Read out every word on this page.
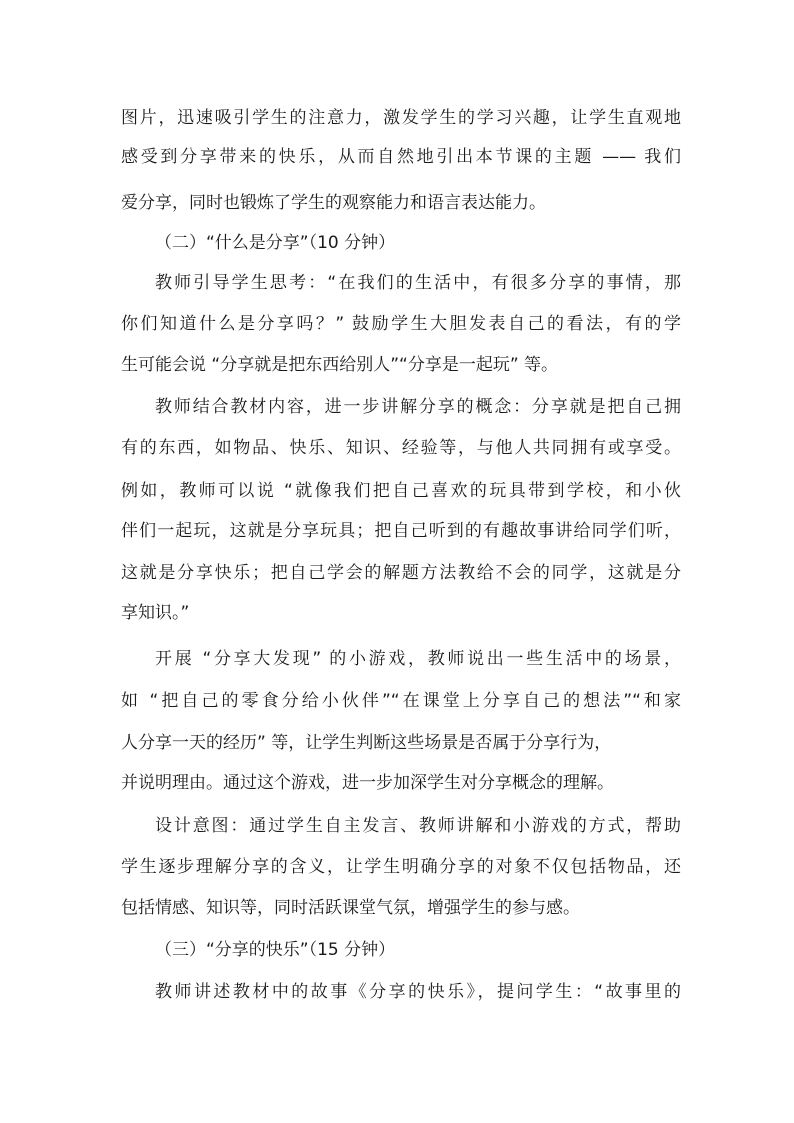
图片，迅速吸引学生的注意力，激发学生的学习兴趣，让学生直观地
感受到分享带来的快乐，从而自然地引出本节课的主题 —— 我们
爱分享，同时也锻炼了学生的观察能力和语言表达能力。
（二）“什么是分享”（10 分钟）
教师引导学生思考：“在我们的生活中，有很多分享的事情，那
你们知道什么是分享吗？” 鼓励学生大胆发表自己的看法，有的学
生可能会说 “分享就是把东西给别人”“分享是一起玩” 等。
教师结合教材内容，进一步讲解分享的概念：分享就是把自己拥
有的东西，如物品、快乐、知识、经验等，与他人共同拥有或享受。
例如，教师可以说 “就像我们把自己喜欢的玩具带到学校，和小伙
伴们一起玩，这就是分享玩具；把自己听到的有趣故事讲给同学们听，
这就是分享快乐；把自己学会的解题方法教给不会的同学，这就是分
享知识。”
开展 “分享大发现” 的小游戏，教师说出一些生活中的场景，
如 “把自己的零食分给小伙伴”“在课堂上分享自己的想法”“和家
人分享一天的经历” 等，让学生判断这些场景是否属于分享行为，
并说明理由。通过这个游戏，进一步加深学生对分享概念的理解。
设计意图：通过学生自主发言、教师讲解和小游戏的方式，帮助
学生逐步理解分享的含义，让学生明确分享的对象不仅包括物品，还
包括情感、知识等，同时活跃课堂气氛，增强学生的参与感。
（三）“分享的快乐”（15 分钟）
教师讲述教材中的故事《分享的快乐》，提问学生：“故事里的
